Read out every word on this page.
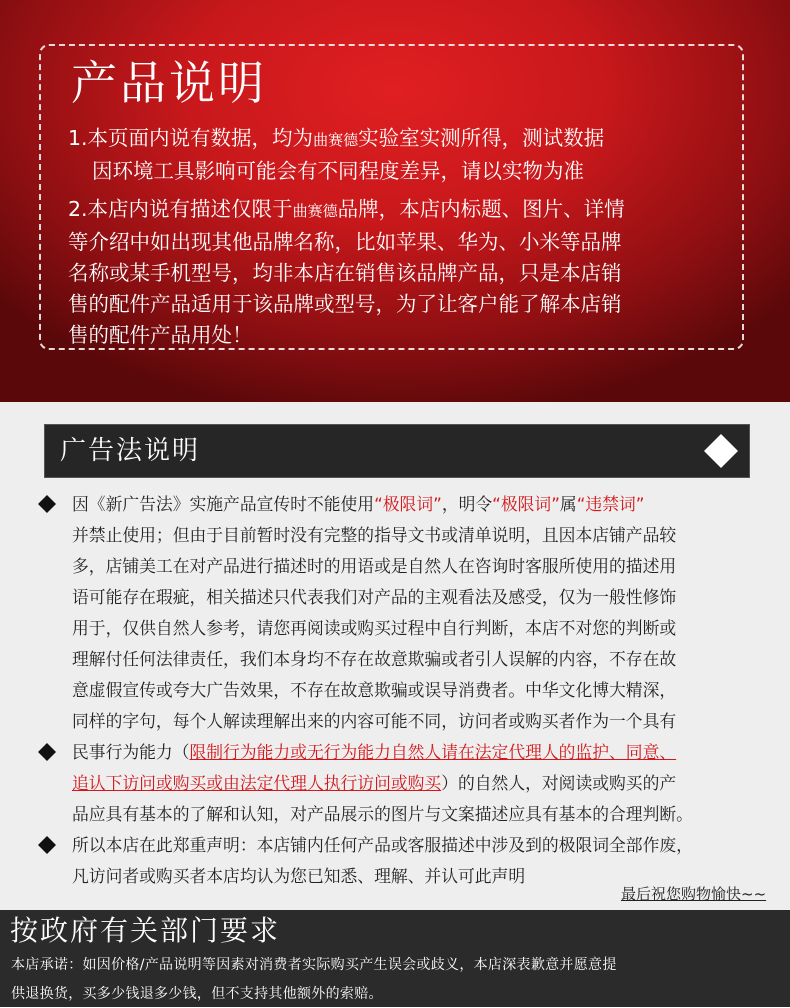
产品说明
1.本页面内说有数据，均为曲赛德实验室实测所得，测试数据
因环境工具影响可能会有不同程度差异，请以实物为准
2.本店内说有描述仅限于曲赛德品牌，本店内标题、图片、详情
等介绍中如出现其他品牌名称，比如苹果、华为、小米等品牌
名称或某手机型号，均非本店在销售该品牌产品，只是本店销
售的配件产品适用于该品牌或型号，为了让客户能了解本店销
售的配件产品用处！
广告法说明
因《新广告法》实施产品宣传时不能使用“极限词”，明令“极限词”属“违禁词”
并禁止使用；但由于目前暂时没有完整的指导文书或清单说明，且因本店铺产品较
多，店铺美工在对产品进行描述时的用语或是自然人在咨询时客服所使用的描述用
语可能存在瑕疵，相关描述只代表我们对产品的主观看法及感受，仅为一般性修饰
用于，仅供自然人参考，请您再阅读或购买过程中自行判断，本店不对您的判断或
理解付任何法律责任，我们本身均不存在故意欺骗或者引人误解的内容，不存在故
意虚假宣传或夸大广告效果，不存在故意欺骗或误导消费者。中华文化博大精深，
同样的字句，每个人解读理解出来的内容可能不同，访问者或购买者作为一个具有
民事行为能力（限制行为能力或无行为能力自然人请在法定代理人的监护、同意、
追认下访问或购买或由法定代理人执行访问或购买）的自然人，对阅读或购买的产
品应具有基本的了解和认知，对产品展示的图片与文案描述应具有基本的合理判断。
所以本店在此郑重声明：本店铺内任何产品或客服描述中涉及到的极限词全部作废，
凡访问者或购买者本店均认为您已知悉、理解、并认可此声明
最后祝您购物愉快~~
按政府有关部门要求
本店承诺：如因价格/产品说明等因素对消费者实际购买产生误会或歧义，本店深表歉意并愿意提
供退换货，买多少钱退多少钱，但不支持其他额外的索赔。
